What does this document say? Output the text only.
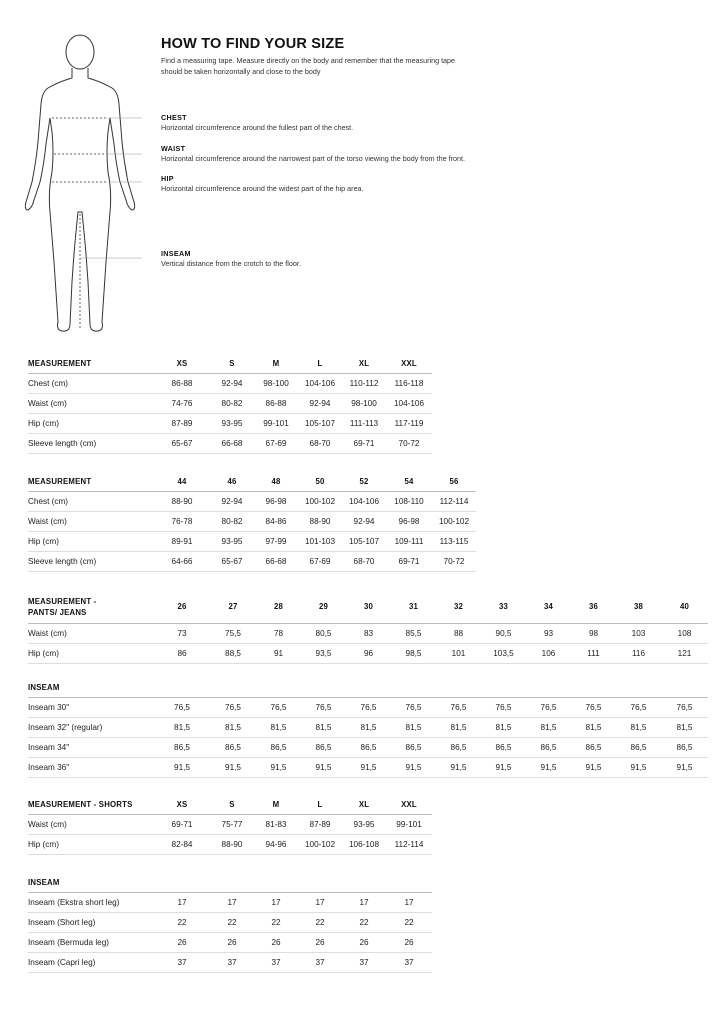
HOW TO FIND YOUR SIZE
Find a measuring tape. Measure directly on the body and remember that the measuring tape should be taken horizontally and close to the body
CHEST
Horizontal circumference around the fullest part of the chest.
WAIST
Horizontal circumference around the narrowest part of the torso viewing the body from the front.
HIP
Horizontal circumference around the widest part of the hip area.
INSEAM
Vertical distance from the crotch to the floor.
MEASUREMENT	XS	S	M	L	XL	XXL
Chest (cm)	86-88	92-94	98-100	104-106	110-112	116-118
Waist (cm)	74-76	80-82	86-88	92-94	98-100	104-106
Hip (cm)	87-89	93-95	99-101	105-107	111-113	117-119
Sleeve length (cm)	65-67	66-68	67-69	68-70	69-71	70-72
MEASUREMENT	44	46	48	50	52	54	56
Chest (cm)	88-90	92-94	96-98	100-102	104-106	108-110	112-114
Waist (cm)	76-78	80-82	84-86	88-90	92-94	96-98	100-102
Hip (cm)	89-91	93-95	97-99	101-103	105-107	109-111	113-115
Sleeve length (cm)	64-66	65-67	66-68	67-69	68-70	69-71	70-72
MEASUREMENT - PANTS/ JEANS	26	27	28	29	30	31	32	33	34	36	38	40
Waist (cm)	73	75,5	78	80,5	83	85,5	88	90,5	93	98	103	108
Hip (cm)	86	88,5	91	93,5	96	98,5	101	103,5	106	111	116	121
INSEAM												
Inseam 30"	76,5	76,5	76,5	76,5	76,5	76,5	76,5	76,5	76,5	76,5	76,5	76,5
Inseam 32" (regular)	81,5	81,5	81,5	81,5	81,5	81,5	81,5	81,5	81,5	81,5	81,5	81,5
Inseam 34"	86,5	86,5	86,5	86,5	86,5	86,5	86,5	86,5	86,5	86,5	86,5	86,5
Inseam 36"	91,5	91,5	91,5	91,5	91,5	91,5	91,5	91,5	91,5	91,5	91,5	91,5
MEASUREMENT - SHORTS	XS	S	M	L	XL	XXL
Waist (cm)	69-71	75-77	81-83	87-89	93-95	99-101
Hip (cm)	82-84	88-90	94-96	100-102	106-108	112-114
INSEAM						
Inseam (Ekstra short leg)	17	17	17	17	17	17
Inseam (Short leg)	22	22	22	22	22	22
Inseam (Bermuda leg)	26	26	26	26	26	26
Inseam (Capri leg)	37	37	37	37	37	37
